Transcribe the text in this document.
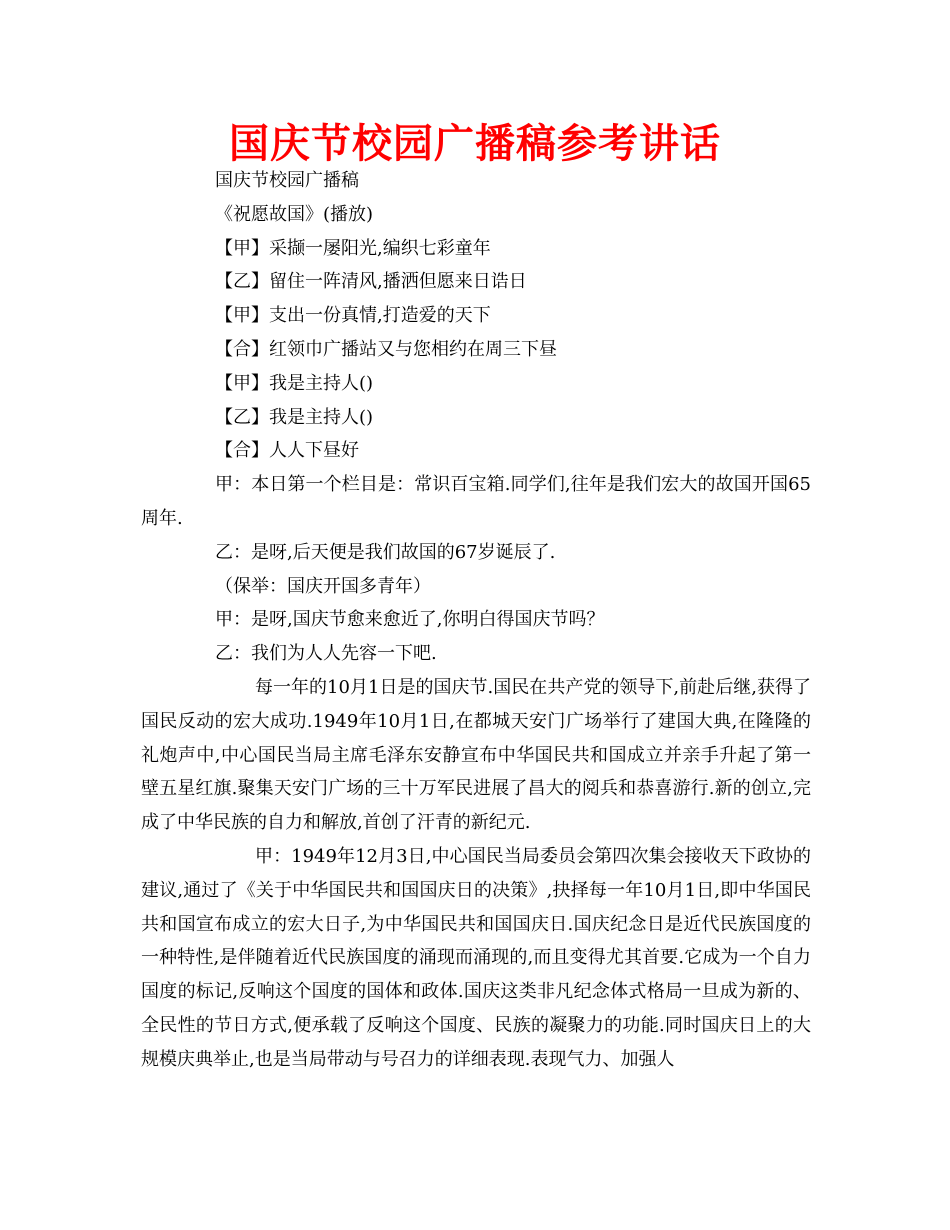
国庆节校园广播稿参考讲话

国庆节校园广播稿

《祝愿故国》(播放)

【甲】采撷一屡阳光,编织七彩童年

【乙】留住一阵清风,播洒但愿来日诰日

【甲】支出一份真情,打造爱的天下

【合】红领巾广播站又与您相约在周三下昼

【甲】我是主持人()

【乙】我是主持人()

【合】人人下昼好

甲：本日第一个栏目是：常识百宝箱.同学们,往年是我们宏大的故国开国65周年.

乙：是呀,后天便是我们故国的67岁诞辰了.

（保举：国庆开国多青年）

甲：是呀,国庆节愈来愈近了,你明白得国庆节吗？

乙：我们为人人先容一下吧.

每一年的10月1日是的国庆节.国民在共产党的领导下,前赴后继,获得了国民反动的宏大成功.1949年10月1日,在都城天安门广场举行了建国大典,在隆隆的礼炮声中,中心国民当局主席毛泽东安静宣布中华国民共和国成立并亲手升起了第一壁五星红旗.聚集天安门广场的三十万军民进展了昌大的阅兵和恭喜游行.新的创立,完成了中华民族的自力和解放,首创了汗青的新纪元.

甲：1949年12月3日,中心国民当局委员会第四次集会接收天下政协的建议,通过了《关于中华国民共和国国庆日的决策》,抉择每一年10月1日,即中华国民共和国宣布成立的宏大日子,为中华国民共和国国庆日.国庆纪念日是近代民族国度的一种特性,是伴随着近代民族国度的涌现而涌现的,而且变得尤其首要.它成为一个自力国度的标记,反响这个国度的国体和政体.国庆这类非凡纪念体式格局一旦成为新的、全民性的节日方式,便承载了反响这个国度、民族的凝聚力的功能.同时国庆日上的大规模庆典举止,也是当局带动与号召力的详细表现.表现气力、加强人
